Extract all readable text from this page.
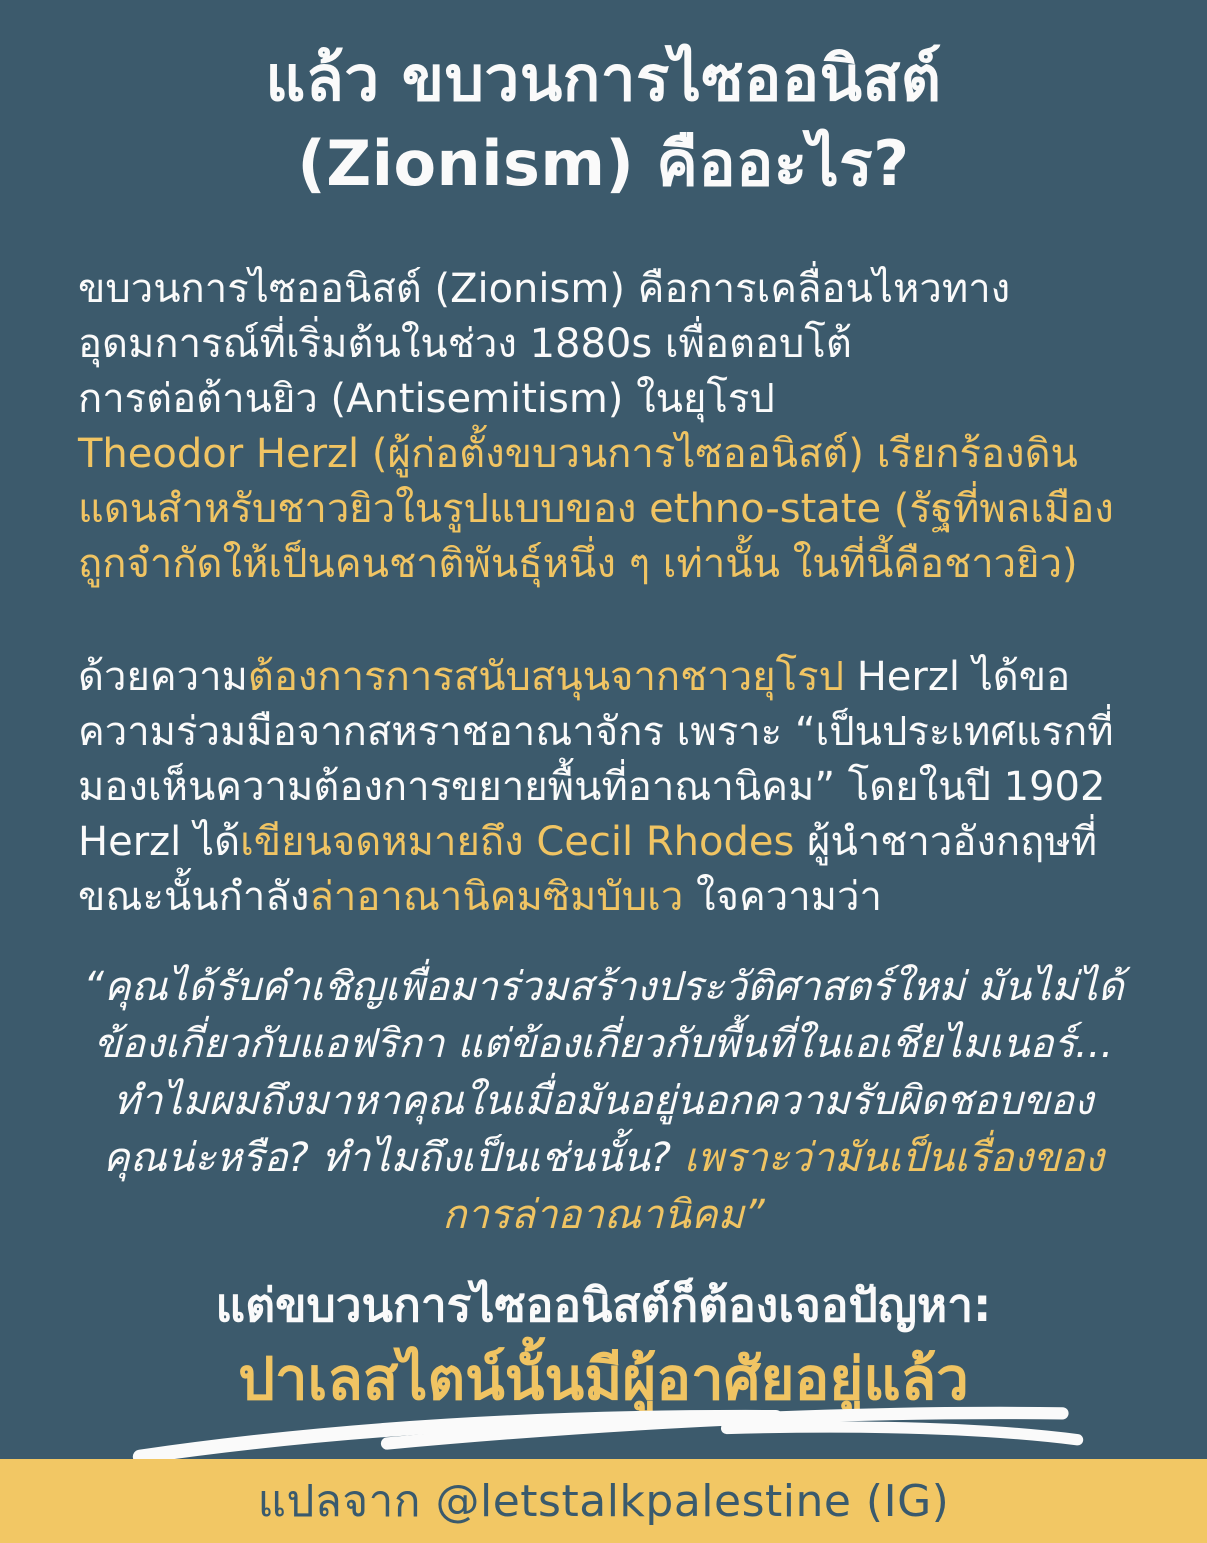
แล้ว ขบวนการไซออนิสต์
(Zionism) คืออะไร?
ขบวนการไซออนิสต์ (Zionism) คือการเคลื่อนไหวทาง
อุดมการณ์ที่เริ่มต้นในช่วง 1880s เพื่อตอบโต้
การต่อต้านยิว (Antisemitism) ในยุโรป
Theodor Herzl (ผู้ก่อตั้งขบวนการไซออนิสต์) เรียกร้องดิน
แดนสำหรับชาวยิวในรูปแบบของ ethno-state (รัฐที่พลเมือง
ถูกจำกัดให้เป็นคนชาติพันธุ์หนึ่ง ๆ เท่านั้น ในที่นี้คือชาวยิว)
ด้วยความต้องการการสนับสนุนจากชาวยุโรป Herzl ได้ขอ
ความร่วมมือจากสหราชอาณาจักร เพราะ “เป็นประเทศแรกที่
มองเห็นความต้องการขยายพื้นที่อาณานิคม” โดยในปี 1902
Herzl ได้เขียนจดหมายถึง Cecil Rhodes ผู้นำชาวอังกฤษที่
ขณะนั้นกำลังล่าอาณานิคมซิมบับเว ใจความว่า
“คุณได้รับคำเชิญเพื่อมาร่วมสร้างประวัติศาสตร์ใหม่ มันไม่ได้
ข้องเกี่ยวกับแอฟริกา แต่ข้องเกี่ยวกับพื้นที่ในเอเชียไมเนอร์...
ทำไมผมถึงมาหาคุณในเมื่อมันอยู่นอกความรับผิดชอบของ
คุณน่ะหรือ? ทำไมถึงเป็นเช่นนั้น? เพราะว่ามันเป็นเรื่องของ
การล่าอาณานิคม”
แต่ขบวนการไซออนิสต์ก็ต้องเจอปัญหา:
ปาเลสไตน์นั้นมีผู้อาศัยอยู่แล้ว
แปลจาก @letstalkpalestine (IG)
